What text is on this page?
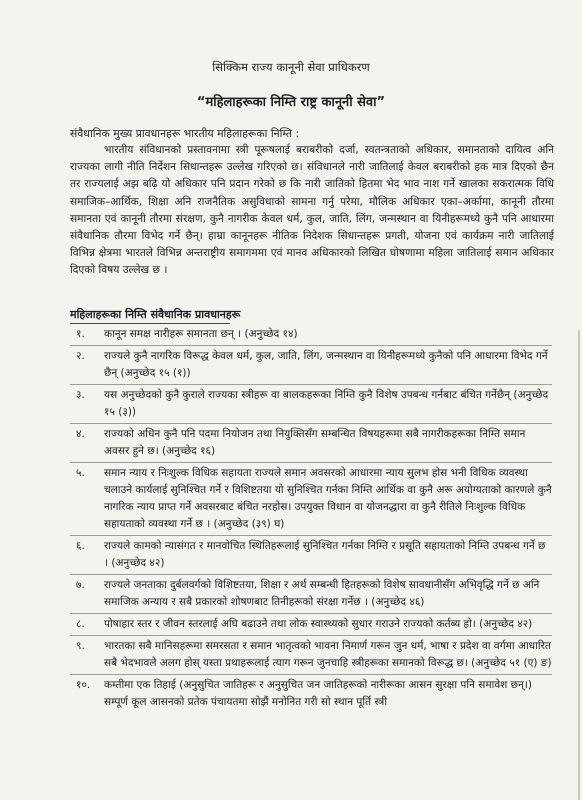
सिक्किम राज्य कानूनी सेवा प्राधिकरण
“महिलाहरूका निम्ति राष्ट्र कानूनी सेवा”
संवैधानिक मुख्य प्रावधानहरू भारतीय महिलाहरूका निम्ति :
भारतीय संविधानको प्रस्तावनामा स्त्री पूरूषलाई बराबरीको दर्जा, स्वतन्त्रताको अधिकार, समानताको दायित्व अनि राज्यका लागी नीति निर्देशन सिधान्तहरू उल्लेख गरिएको छ। संविधानले नारी जातिलाई केवल बराबरीको हक मात्र दिएको छैन तर राज्यलाई अझ बढ़ि यो अधिकार पनि प्रदान गरेको छ कि नारी जातिको हितमा भेद भाव नाश गर्ने खालका सकरात्मक विधि समाजिक–आर्थिक, शिक्षा अनि राजनैतिक असुविधाको सामना गर्नु परेमा, मौलिक अधिकार एका–अर्कामा, कानूनी तौरमा समानता एवं कानूनी तौरमा संरक्षण, कुनै नागरीक केवल धर्म, कुल, जाति, लिंग, जन्मस्थान वा यिनीहरूमध्ये कुनै पनि आधारमा संवैधानिक तौरमा विभेद गर्ने छैन्। हाम्रा कानूनहरू नीतिक निदेशक सिधान्तहरू प्रगती, योजना एवं कार्यक्रम नारी जातिलाई विभिन्न क्षेत्रमा भारतले विभिन्न अन्तराष्ट्रीय समागममा एवं मानव अधिकारको लिखित घोषणामा महिला जातिलाई समान अधिकार दिएको विषय उल्लेख छ ।
महिलाहरूका निम्ति संवैधानिक प्रावधानहरू
१. कानून समक्ष नारीहरू समानता छन् । (अनुच्छेद १४)
२. राज्यले कुनै नागरिक विरूद्ध केवल धर्म, कुल, जाति, लिंग, जन्मस्थान वा यिनीहरूमध्ये कुनैको पनि आधारमा विभेद गर्ने छैन् (अनुच्छेद १५ (१))
३. यस अनुच्छेदको कुनै कुराले राज्यका स्त्रीहरू वा बालकहरूका निम्ति कुनै विशेष उपबन्ध गर्नबाट बंचित गर्नेछैन् (अनुच्छेद १५ (३))
४. राज्यको अधिन कुनै पनि पदमा नियोजन तथा नियुक्तिसँग सम्बन्धित विषयहरूमा सबै नागरीकहरूका निम्ति समान अवसर हुने छ। (अनुच्छेद १६)
५. समान न्याय र निःशुल्क विधिक सहायता राज्यले समान अवसरको आधारमा न्याय सुलभ होस भनी विधिक व्यवस्था चलाउने कार्यलाई सुनिश्चित गर्ने र विशिष्टतया यो सुनिश्चित गर्नका निम्ति आर्थिक वा कुनै अरू अयोग्यताको कारणले कुनै नागरिक न्याय प्राप्त गर्ने अवसरबाट बंचित नरहोस। उपयुक्त विधान वा योजनद्धारा वा कुनै रीतिले निःशुल्क विधिक सहायताको व्यवस्था गर्ने छ । (अनुच्छेद (३९) घ)
६. राज्यले कामको न्यासंगत र मानवोचित स्थितिहरूलाई सुनिश्चित गर्नका निम्ति र प्रसूति सहायताको निम्ति उपबन्ध गर्ने छ । (अनुच्छेद ४२)
७. राज्यले जनताका दुर्बलवर्गको विशिष्टतया, शिक्षा र अर्थ सम्बन्धी हितहरूको विशेष सावधानीसँग अभिवृद्धि गर्ने छ अनि समाजिक अन्याय र सबै प्रकारको शोषणबाट तिनीहरूको संरक्षा गर्नेछ । (अनुच्छेद ४६)
८. पोषाहार स्तर र जीवन स्तरलाई अघि बढाउने तथा लोक स्वास्थ्यको सुधार गराउने राज्यको कर्तब्य हो। (अनुच्छेद ४२)
९. भारतका सबै मानिसहरूमा समरसता र समान भातृत्वको भावना निमार्ण गरून जुन धर्म, भाषा र प्रदेश वा वर्गमा आधारित सबै भेदभावले अलग होस् यस्ता प्रथाहरूलाई त्याग गरून जुनचाहि स्त्रीहरूका समानको विरूद्ध छ। (अनुच्छेद ५१ (ए) ङ)
१०. कम्तीमा एक तिहाई (अनुसुचित जातिहरू र अनुसुचित जन जातिहरूको नारीरूका आसन सुरक्षा पनि समावेश छन्।) सम्पूर्ण कूल आसनको प्रतेक पंचायतमा सोझैं मनोनित गरी सो स्थान पूर्ति स्त्री
